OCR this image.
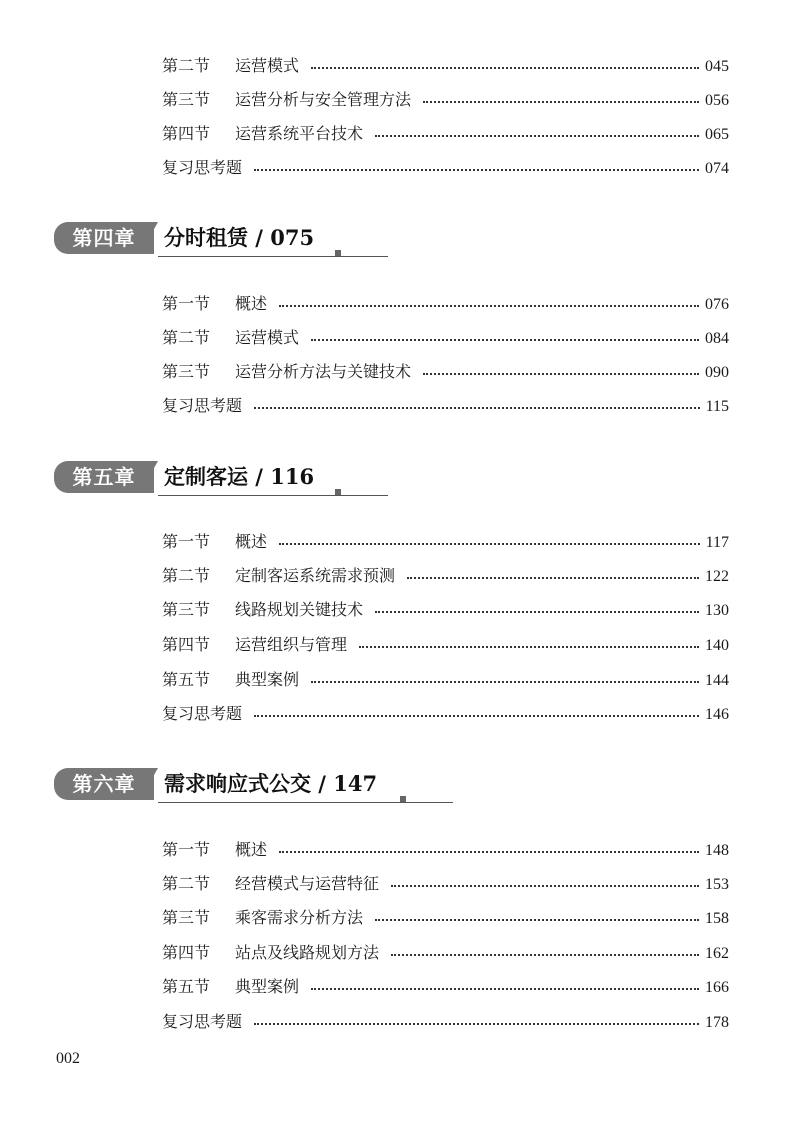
第二节	运营模式	045
第三节	运营分析与安全管理方法	056
第四节	运营系统平台技术	065
复习思考题	074
第四章	分时租赁 / 075
第一节	概述	076
第二节	运营模式	084
第三节	运营分析方法与关键技术	090
复习思考题	115
第五章	定制客运 / 116
第一节	概述	117
第二节	定制客运系统需求预测	122
第三节	线路规划关键技术	130
第四节	运营组织与管理	140
第五节	典型案例	144
复习思考题	146
第六章	需求响应式公交 / 147
第一节	概述	148
第二节	经营模式与运营特征	153
第三节	乘客需求分析方法	158
第四节	站点及线路规划方法	162
第五节	典型案例	166
复习思考题	178
002
